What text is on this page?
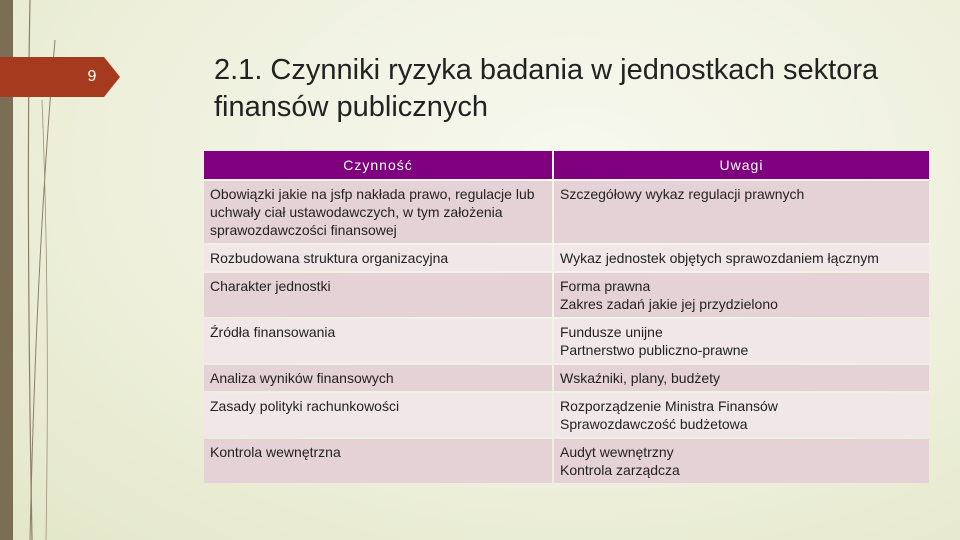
9	2.1. Czynniki ryzyka badania w jednostkach sektora finansów publicznych
Czynność	Uwagi

Obowiązki jakie na jsfp nakłada prawo, regulacje lub uchwały ciał ustawodawczych, w tym założenia sprawozdawczości finansowej	Szczegółowy wykaz regulacji prawnych

Rozbudowana struktura organizacyjna	Wykaz jednostek objętych sprawozdaniem łącznym

Charakter jednostki	Forma prawna
Zakres zadań jakie jej przydzielono

Źródła finansowania	Fundusze unijne
Partnerstwo publiczno-prawne

Analiza wyników finansowych	Wskaźniki, plany, budżety

Zasady polityki rachunkowości	Rozporządzenie Ministra Finansów
Sprawozdawczość budżetowa

Kontrola wewnętrzna	Audyt wewnętrzny
Kontrola zarządcza
